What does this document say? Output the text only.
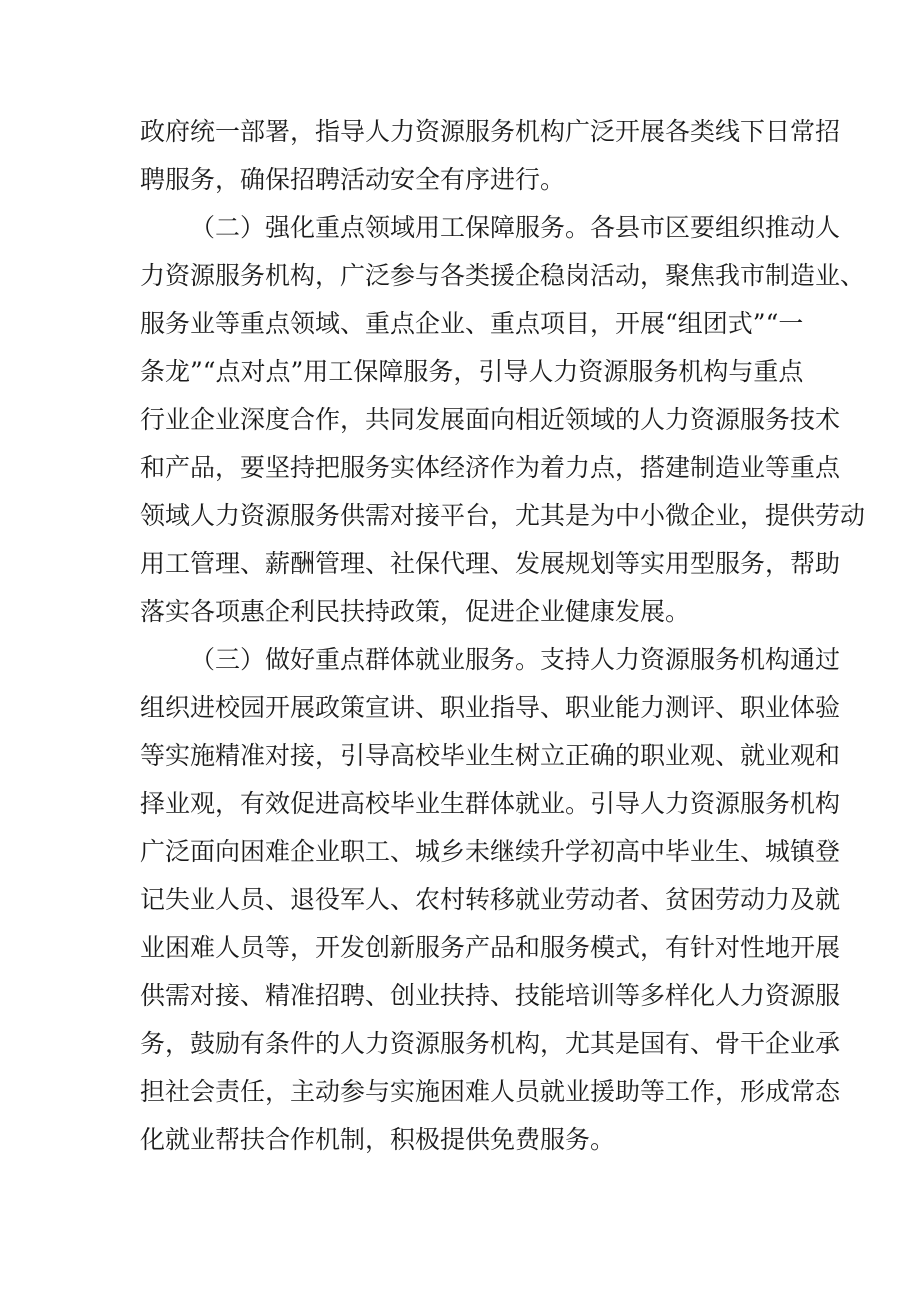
政府统一部署，指导人力资源服务机构广泛开展各类线下日常招
聘服务，确保招聘活动安全有序进行。
（二）强化重点领域用工保障服务。各县市区要组织推动人
力资源服务机构，广泛参与各类援企稳岗活动，聚焦我市制造业、
服务业等重点领域、重点企业、重点项目，开展“组团式”“一
条龙”“点对点”用工保障服务，引导人力资源服务机构与重点
行业企业深度合作，共同发展面向相近领域的人力资源服务技术
和产品，要坚持把服务实体经济作为着力点，搭建制造业等重点
领域人力资源服务供需对接平台，尤其是为中小微企业，提供劳动
用工管理、薪酬管理、社保代理、发展规划等实用型服务，帮助
落实各项惠企利民扶持政策，促进企业健康发展。
（三）做好重点群体就业服务。支持人力资源服务机构通过
组织进校园开展政策宣讲、职业指导、职业能力测评、职业体验
等实施精准对接，引导高校毕业生树立正确的职业观、就业观和
择业观，有效促进高校毕业生群体就业。引导人力资源服务机构
广泛面向困难企业职工、城乡未继续升学初高中毕业生、城镇登
记失业人员、退役军人、农村转移就业劳动者、贫困劳动力及就
业困难人员等，开发创新服务产品和服务模式，有针对性地开展
供需对接、精准招聘、创业扶持、技能培训等多样化人力资源服
务，鼓励有条件的人力资源服务机构，尤其是国有、骨干企业承
担社会责任，主动参与实施困难人员就业援助等工作，形成常态
化就业帮扶合作机制，积极提供免费服务。
